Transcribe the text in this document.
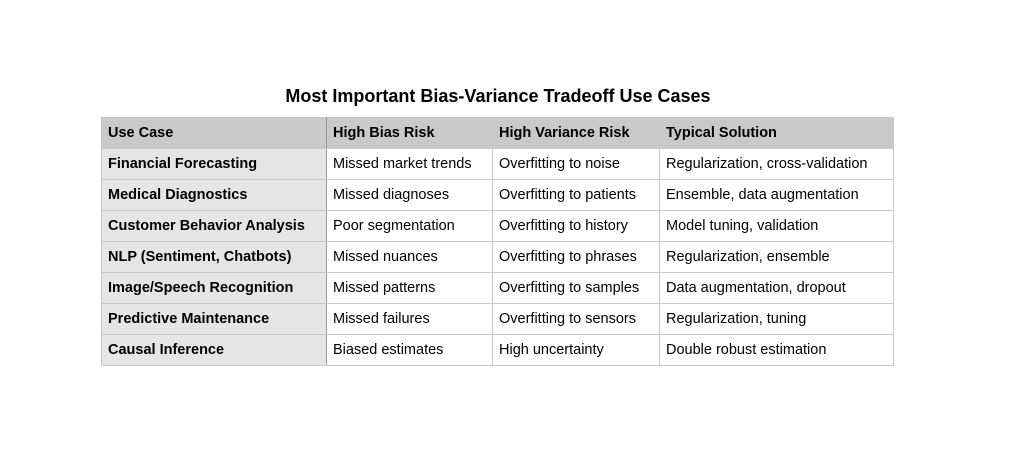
Most Important Bias-Variance Tradeoff Use Cases
Use Case	High Bias Risk	High Variance Risk	Typical Solution
Financial Forecasting	Missed market trends	Overfitting to noise	Regularization, cross-validation
Medical Diagnostics	Missed diagnoses	Overfitting to patients	Ensemble, data augmentation
Customer Behavior Analysis	Poor segmentation	Overfitting to history	Model tuning, validation
NLP (Sentiment, Chatbots)	Missed nuances	Overfitting to phrases	Regularization, ensemble
Image/Speech Recognition	Missed patterns	Overfitting to samples	Data augmentation, dropout
Predictive Maintenance	Missed failures	Overfitting to sensors	Regularization, tuning
Causal Inference	Biased estimates	High uncertainty	Double robust estimation
